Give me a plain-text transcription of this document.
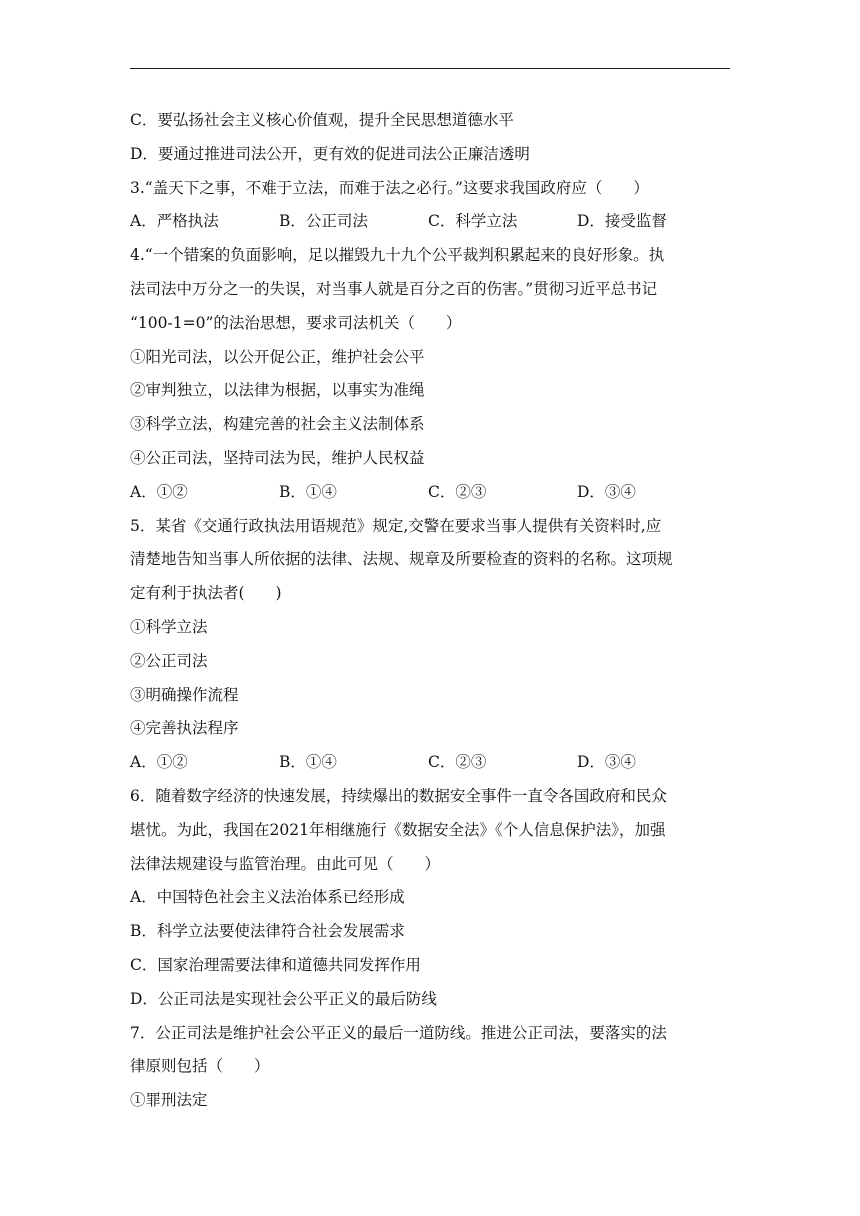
C．要弘扬社会主义核心价值观，提升全民思想道德水平
D．要通过推进司法公开，更有效的促进司法公正廉洁透明
3.“盖天下之事，不难于立法，而难于法之必行。”这要求我国政府应（　　）
A．严格执法	B．公正司法	C．科学立法	D．接受监督
4.“一个错案的负面影响，足以摧毁九十九个公平裁判积累起来的良好形象。执
法司法中万分之一的失误，对当事人就是百分之百的伤害。”贯彻习近平总书记
“100-1=0”的法治思想，要求司法机关（　　）
①阳光司法，以公开促公正，维护社会公平
②审判独立，以法律为根据，以事实为准绳
③科学立法，构建完善的社会主义法制体系
④公正司法，坚持司法为民，维护人民权益
A．①②	B．①④	C．②③	D．③④
5．某省《交通行政执法用语规范》规定,交警在要求当事人提供有关资料时,应
清楚地告知当事人所依据的法律、法规、规章及所要检查的资料的名称。这项规
定有利于执法者(　　)
①科学立法
②公正司法
③明确操作流程
④完善执法程序
A．①②	B．①④	C．②③	D．③④
6．随着数字经济的快速发展，持续爆出的数据安全事件一直令各国政府和民众
堪忧。为此，我国在2021年相继施行《数据安全法》《个人信息保护法》，加强
法律法规建设与监管治理。由此可见（　　）
A．中国特色社会主义法治体系已经形成
B．科学立法要使法律符合社会发展需求
C．国家治理需要法律和道德共同发挥作用
D．公正司法是实现社会公平正义的最后防线
7．公正司法是维护社会公平正义的最后一道防线。推进公正司法，要落实的法
律原则包括（　　）
①罪刑法定
